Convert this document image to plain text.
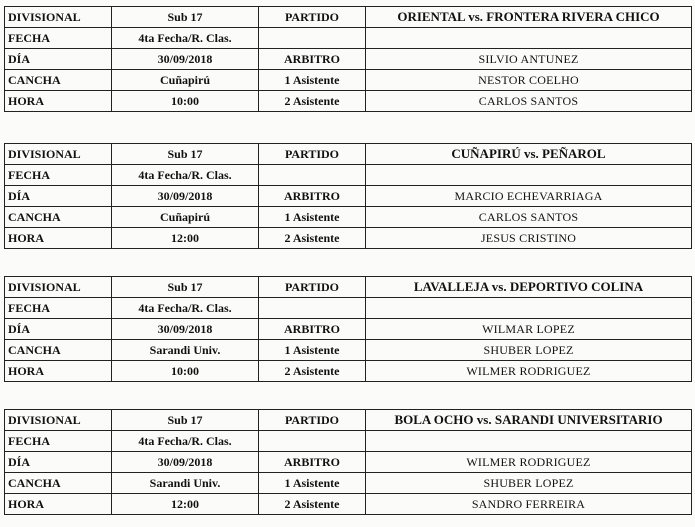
DIVISIONAL	Sub 17	PARTIDO	ORIENTAL vs. FRONTERA RIVERA CHICO
FECHA	4ta Fecha/R. Clas.		
DÍA	30/09/2018	ARBITRO	SILVIO ANTUNEZ
CANCHA	Cuñapirú	1 Asistente	NESTOR COELHO
HORA	10:00	2 Asistente	CARLOS SANTOS
DIVISIONAL	Sub 17	PARTIDO	CUÑAPIRÚ vs. PEÑAROL
FECHA	4ta Fecha/R. Clas.		
DÍA	30/09/2018	ARBITRO	MARCIO ECHEVARRIAGA
CANCHA	Cuñapirú	1 Asistente	CARLOS SANTOS
HORA	12:00	2 Asistente	JESUS CRISTINO
DIVISIONAL	Sub 17	PARTIDO	LAVALLEJA vs. DEPORTIVO COLINA
FECHA	4ta Fecha/R. Clas.		
DÍA	30/09/2018	ARBITRO	WILMAR LOPEZ
CANCHA	Sarandi Univ.	1 Asistente	SHUBER LOPEZ
HORA	10:00	2 Asistente	WILMER RODRIGUEZ
DIVISIONAL	Sub 17	PARTIDO	BOLA OCHO vs. SARANDI UNIVERSITARIO
FECHA	4ta Fecha/R. Clas.		
DÍA	30/09/2018	ARBITRO	WILMER RODRIGUEZ
CANCHA	Sarandi Univ.	1 Asistente	SHUBER LOPEZ
HORA	12:00	2 Asistente	SANDRO FERREIRA
